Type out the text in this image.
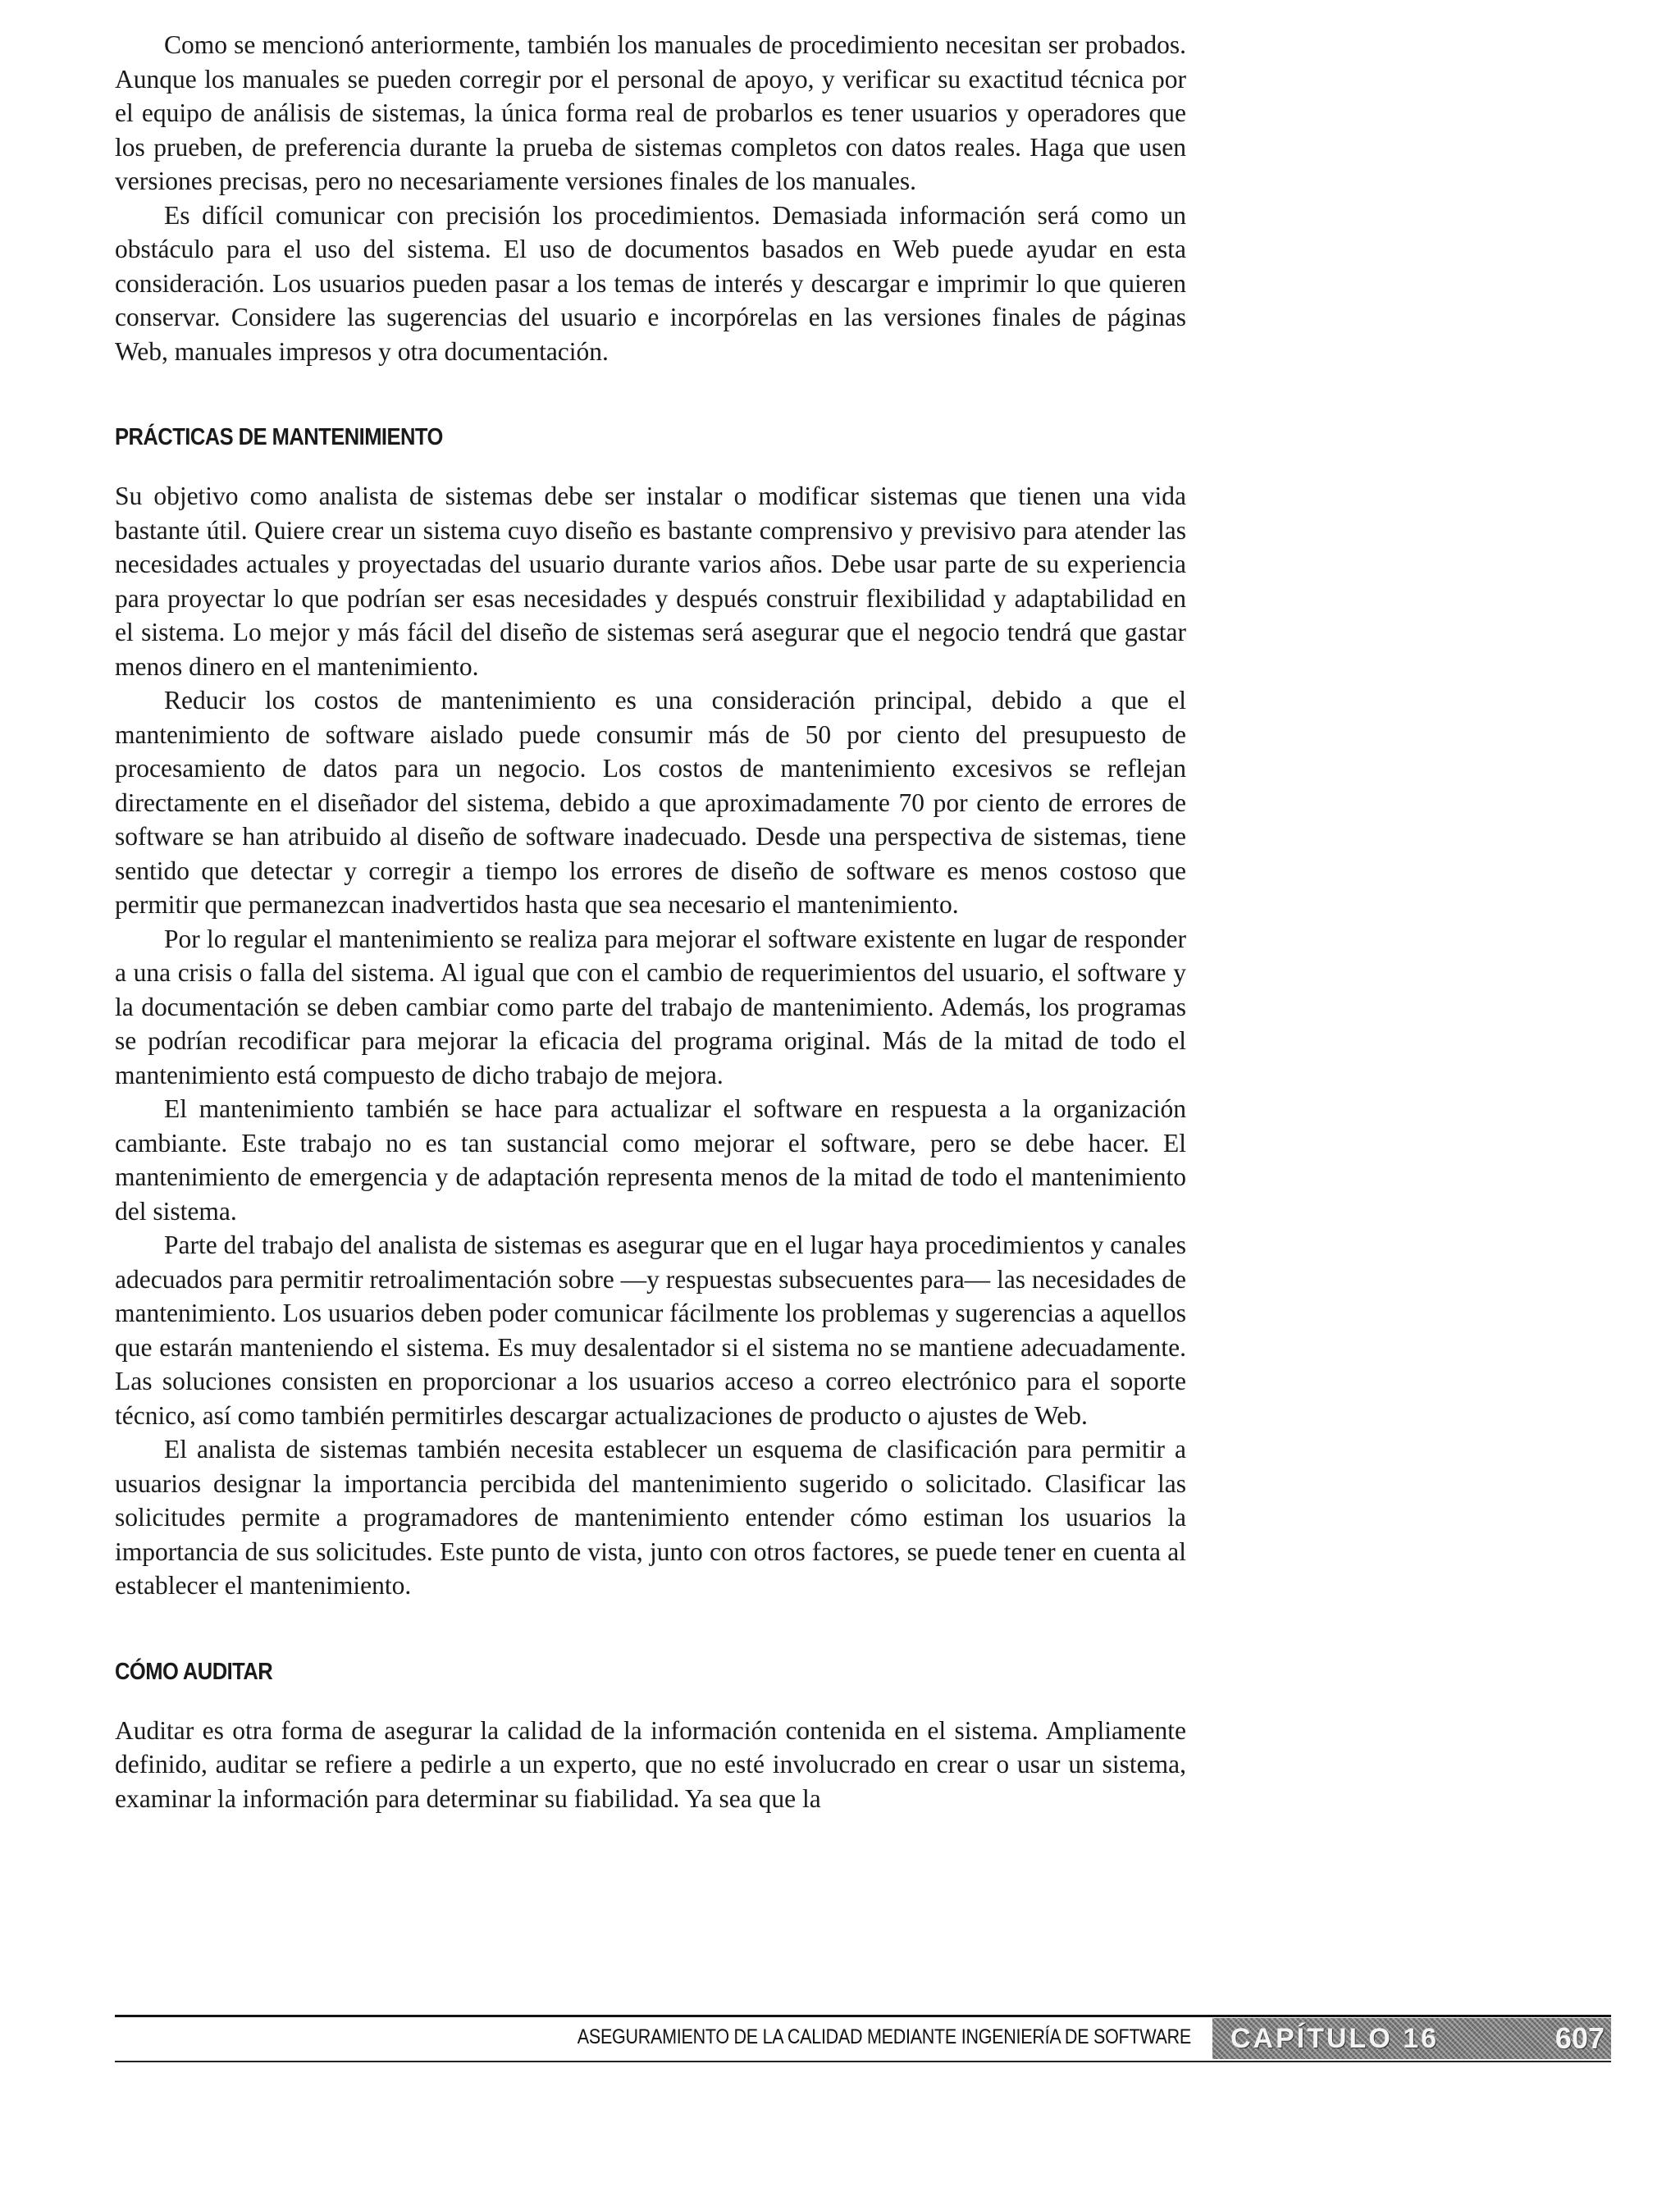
Como se mencionó anteriormente, también los manuales de procedimiento necesitan ser probados. Aunque los manuales se pueden corregir por el personal de apoyo, y verificar su exactitud técnica por el equipo de análisis de sistemas, la única forma real de probarlos es tener usuarios y operadores que los prueben, de preferencia durante la prueba de sistemas completos con datos reales. Haga que usen versiones precisas, pero no necesariamente versiones finales de los manuales.

Es difícil comunicar con precisión los procedimientos. Demasiada información será como un obstáculo para el uso del sistema. El uso de documentos basados en Web puede ayudar en esta consideración. Los usuarios pueden pasar a los temas de interés y descargar e imprimir lo que quieren conservar. Considere las sugerencias del usuario e incorpórelas en las versiones finales de páginas Web, manuales impresos y otra documentación.

PRÁCTICAS DE MANTENIMIENTO

Su objetivo como analista de sistemas debe ser instalar o modificar sistemas que tienen una vida bastante útil. Quiere crear un sistema cuyo diseño es bastante comprensivo y previsivo para atender las necesidades actuales y proyectadas del usuario durante varios años. Debe usar parte de su experiencia para proyectar lo que podrían ser esas necesidades y después construir flexibilidad y adaptabilidad en el sistema. Lo mejor y más fácil del diseño de sistemas será asegurar que el negocio tendrá que gastar menos dinero en el mantenimiento.

Reducir los costos de mantenimiento es una consideración principal, debido a que el mantenimiento de software aislado puede consumir más de 50 por ciento del presupuesto de procesamiento de datos para un negocio. Los costos de mantenimiento excesivos se reflejan directamente en el diseñador del sistema, debido a que aproximadamente 70 por ciento de errores de software se han atribuido al diseño de software inadecuado. Desde una perspectiva de sistemas, tiene sentido que detectar y corregir a tiempo los errores de diseño de software es menos costoso que permitir que permanezcan inadvertidos hasta que sea necesario el mantenimiento.

Por lo regular el mantenimiento se realiza para mejorar el software existente en lugar de responder a una crisis o falla del sistema. Al igual que con el cambio de requerimientos del usuario, el software y la documentación se deben cambiar como parte del trabajo de mantenimiento. Además, los programas se podrían recodificar para mejorar la eficacia del programa original. Más de la mitad de todo el mantenimiento está compuesto de dicho trabajo de mejora.

El mantenimiento también se hace para actualizar el software en respuesta a la organización cambiante. Este trabajo no es tan sustancial como mejorar el software, pero se debe hacer. El mantenimiento de emergencia y de adaptación representa menos de la mitad de todo el mantenimiento del sistema.

Parte del trabajo del analista de sistemas es asegurar que en el lugar haya procedimientos y canales adecuados para permitir retroalimentación sobre —y respuestas subsecuentes para— las necesidades de mantenimiento. Los usuarios deben poder comunicar fácilmente los problemas y sugerencias a aquellos que estarán manteniendo el sistema. Es muy desalentador si el sistema no se mantiene adecuadamente. Las soluciones consisten en proporcionar a los usuarios acceso a correo electrónico para el soporte técnico, así como también permitirles descargar actualizaciones de producto o ajustes de Web.

El analista de sistemas también necesita establecer un esquema de clasificación para permitir a usuarios designar la importancia percibida del mantenimiento sugerido o solicitado. Clasificar las solicitudes permite a programadores de mantenimiento entender cómo estiman los usuarios la importancia de sus solicitudes. Este punto de vista, junto con otros factores, se puede tener en cuenta al establecer el mantenimiento.

CÓMO AUDITAR

Auditar es otra forma de asegurar la calidad de la información contenida en el sistema. Ampliamente definido, auditar se refiere a pedirle a un experto, que no esté involucrado en crear o usar un sistema, examinar la información para determinar su fiabilidad. Ya sea que la

ASEGURAMIENTO DE LA CALIDAD MEDIANTE INGENIERÍA DE SOFTWARE CAPÍTULO 16	607
